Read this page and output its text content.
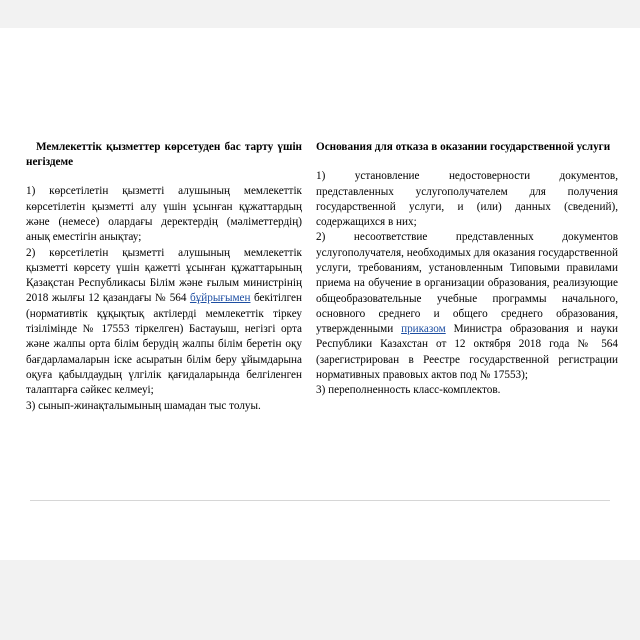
Мемлекеттік қызметтер көрсетуден бас тарту үшін негіздеме

1) көрсетілетін қызметті алушының мемлекеттік көрсетілетін қызметті алу үшін ұсынған құжаттардың және (немесе) олардағы деректердің (мәліметтердің) анық еместігін анықтау;

2) көрсетілетін қызметті алушының мемлекеттік қызметті көрсету үшін қажетті ұсынған құжаттарының Қазақстан Республикасы Білім және ғылым министрінің 2018 жылғы 12 қазандағы № 564 бұйрығымен бекітілген (нормативтік құқықтық актілерді мемлекеттік тіркеу тізілімінде № 17553 тіркелген) Бастауыш, негізгі орта және жалпы орта білім берудің жалпы білім беретін оқу бағдарламаларын іске асыратын білім беру ұйымдарына оқуға қабылдаудың үлгілік қағидаларында белгіленген талаптарға сәйкес келмеуі;

3) сынып-жинақталымының шамадан тыс толуы.

Основания для отказа в оказании государственной услуги

1) установление недостоверности документов, представленных услугополучателем для получения государственной услуги, и (или) данных (сведений), содержащихся в них;

2) несоответствие представленных документов услугополучателя, необходимых для оказания государственной услуги, требованиям, установленным Типовыми правилами приема на обучение в организации образования, реализующие общеобразовательные учебные программы начального, основного среднего и общего среднего образования, утвержденными приказом Министра образования и науки Республики Казахстан от 12 октября 2018 года № 564 (зарегистрирован в Реестре государственной регистрации нормативных правовых актов под № 17553);

3) переполненность класс-комплектов.
